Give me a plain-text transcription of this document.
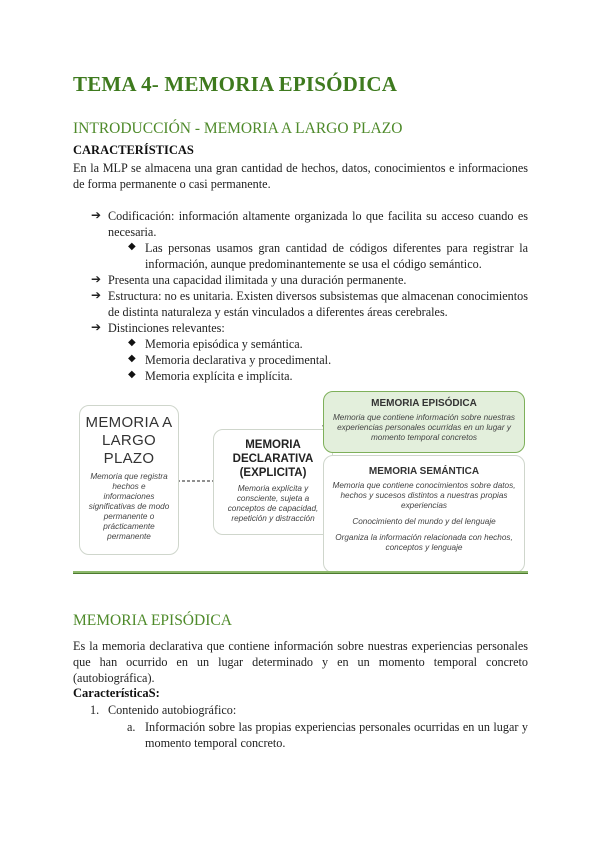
TEMA 4- MEMORIA EPISÓDICA
INTRODUCCIÓN - MEMORIA A LARGO PLAZO
CARACTERÍSTICAS
En la MLP se almacena una gran cantidad de hechos, datos, conocimientos e informaciones de forma permanente o casi permanente.
➔ Codificación: información altamente organizada lo que facilita su acceso cuando es necesaria.
◆ Las personas usamos gran cantidad de códigos diferentes para registrar la información, aunque predominantemente se usa el código semántico.
➔ Presenta una capacidad ilimitada y una duración permanente.
➔ Estructura: no es unitaria. Existen diversos subsistemas que almacenan conocimientos de distinta naturaleza y están vinculados a diferentes áreas cerebrales.
➔ Distinciones relevantes:
◆ Memoria episódica y semántica.
◆ Memoria declarativa y procedimental.
◆ Memoria explícita e implícita.
MEMORIA A LARGO PLAZO
Memoria que registra hechos e informaciones significativas de modo permanente o prácticamente permanente
MEMORIA DECLARATIVA (EXPLICITA)
Memoria explícita y consciente, sujeta a conceptos de capacidad, repetición y distracción
MEMORIA EPISÓDICA
Memoria que contiene información sobre nuestras experiencias personales ocurridas en un lugar y momento temporal concretos
MEMORIA SEMÁNTICA
Memoria que contiene conocimientos sobre datos, hechos y sucesos distintos a nuestras propias experiencias
Conocimiento del mundo y del lenguaje
Organiza la información relacionada con hechos, conceptos y lenguaje
MEMORIA EPISÓDICA
Es la memoria declarativa que contiene información sobre nuestras experiencias personales que han ocurrido en un lugar determinado y en un momento temporal concreto (autobiográfica).
CaracterísticaS:
1. Contenido autobiográfico:
a. Información sobre las propias experiencias personales ocurridas en un lugar y momento temporal concreto.
